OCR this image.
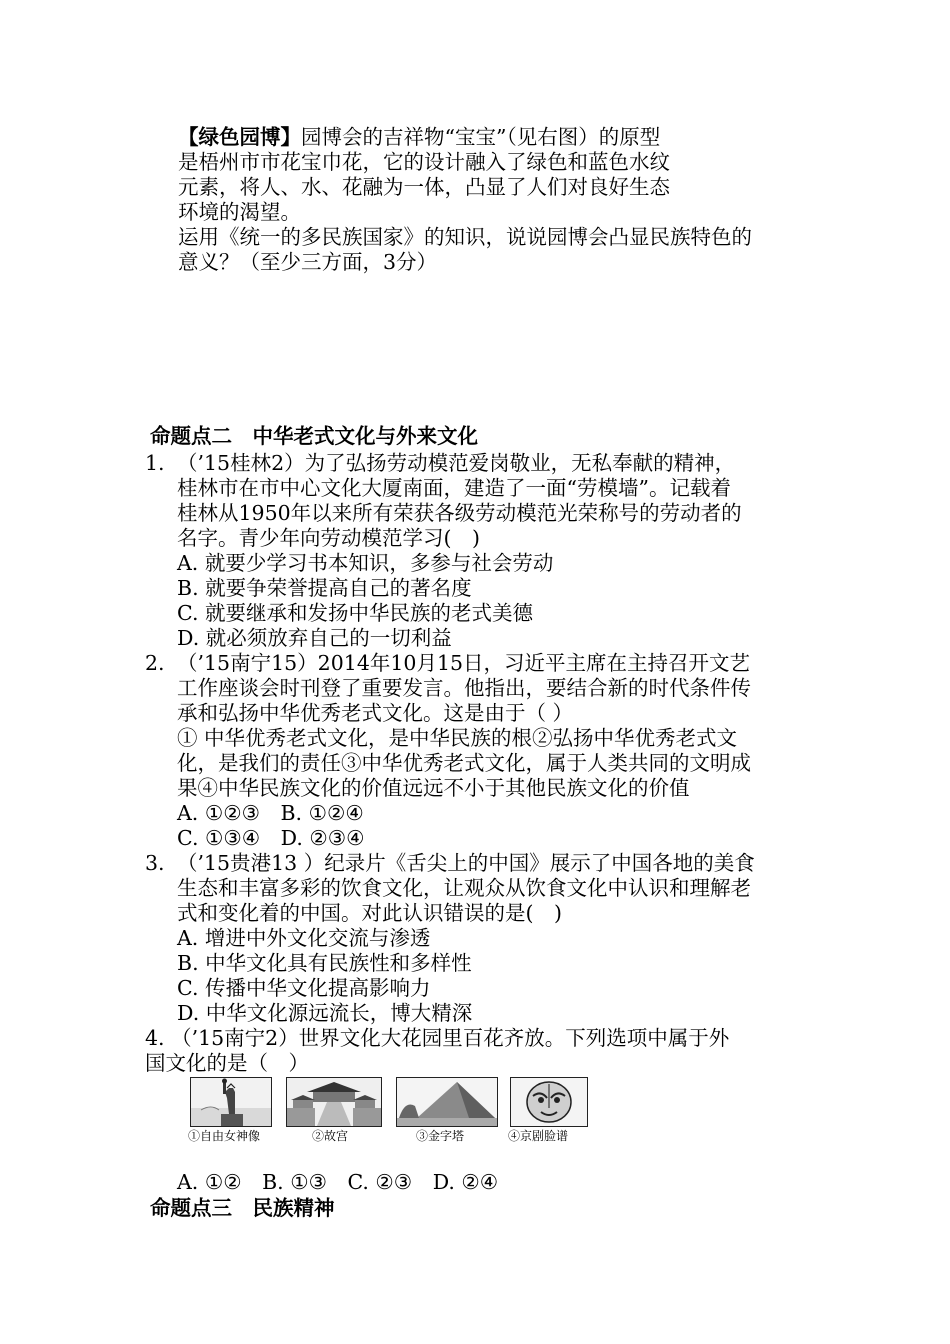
【绿色园博】园博会的吉祥物“宝宝”（见右图）的原型
是梧州市市花宝巾花，它的设计融入了绿色和蓝色水纹
元素，将人、水、花融为一体，凸显了人们对良好生态
环境的渴望。
运用《统一的多民族国家》的知识，说说园博会凸显民族特色的
意义？（至少三方面，3分）
命题点二　中华老式文化与外来文化
1. （’15桂林2）为了弘扬劳动模范爱岗敬业，无私奉献的精神，
桂林市在市中心文化大厦南面，建造了一面“劳模墙”。记载着
桂林从1950年以来所有荣获各级劳动模范光荣称号的劳动者的
名字。青少年向劳动模范学习(　)
A. 就要少学习书本知识，多参与社会劳动
B. 就要争荣誉提高自己的著名度
C. 就要继承和发扬中华民族的老式美德
D. 就必须放弃自己的一切利益
2. （’15南宁15）2014年10月15日，习近平主席在主持召开文艺
工作座谈会时刊登了重要发言。他指出，要结合新的时代条件传
承和弘扬中华优秀老式文化。这是由于（ ）
① 中华优秀老式文化，是中华民族的根②弘扬中华优秀老式文
化，是我们的责任③中华优秀老式文化，属于人类共同的文明成
果④中华民族文化的价值远远不小于其他民族文化的价值
A. ①②③　B. ①②④
C. ①③④　D. ②③④
3. （’15贵港13 ）纪录片《舌尖上的中国》展示了中国各地的美食
生态和丰富多彩的饮食文化，让观众从饮食文化中认识和理解老
式和变化着的中国。对此认识错误的是(　)
A. 增进中外文化交流与渗透
B. 中华文化具有民族性和多样性
C. 传播中华文化提高影响力
D. 中华文化源远流长，博大精深
4. （’15南宁2）世界文化大花园里百花齐放。下列选项中属于外
国文化的是（　）
①自由女神像	②故宫	③金字塔	④京剧脸谱
A. ①②　B. ①③　C. ②③　D. ②④
命题点三　民族精神
